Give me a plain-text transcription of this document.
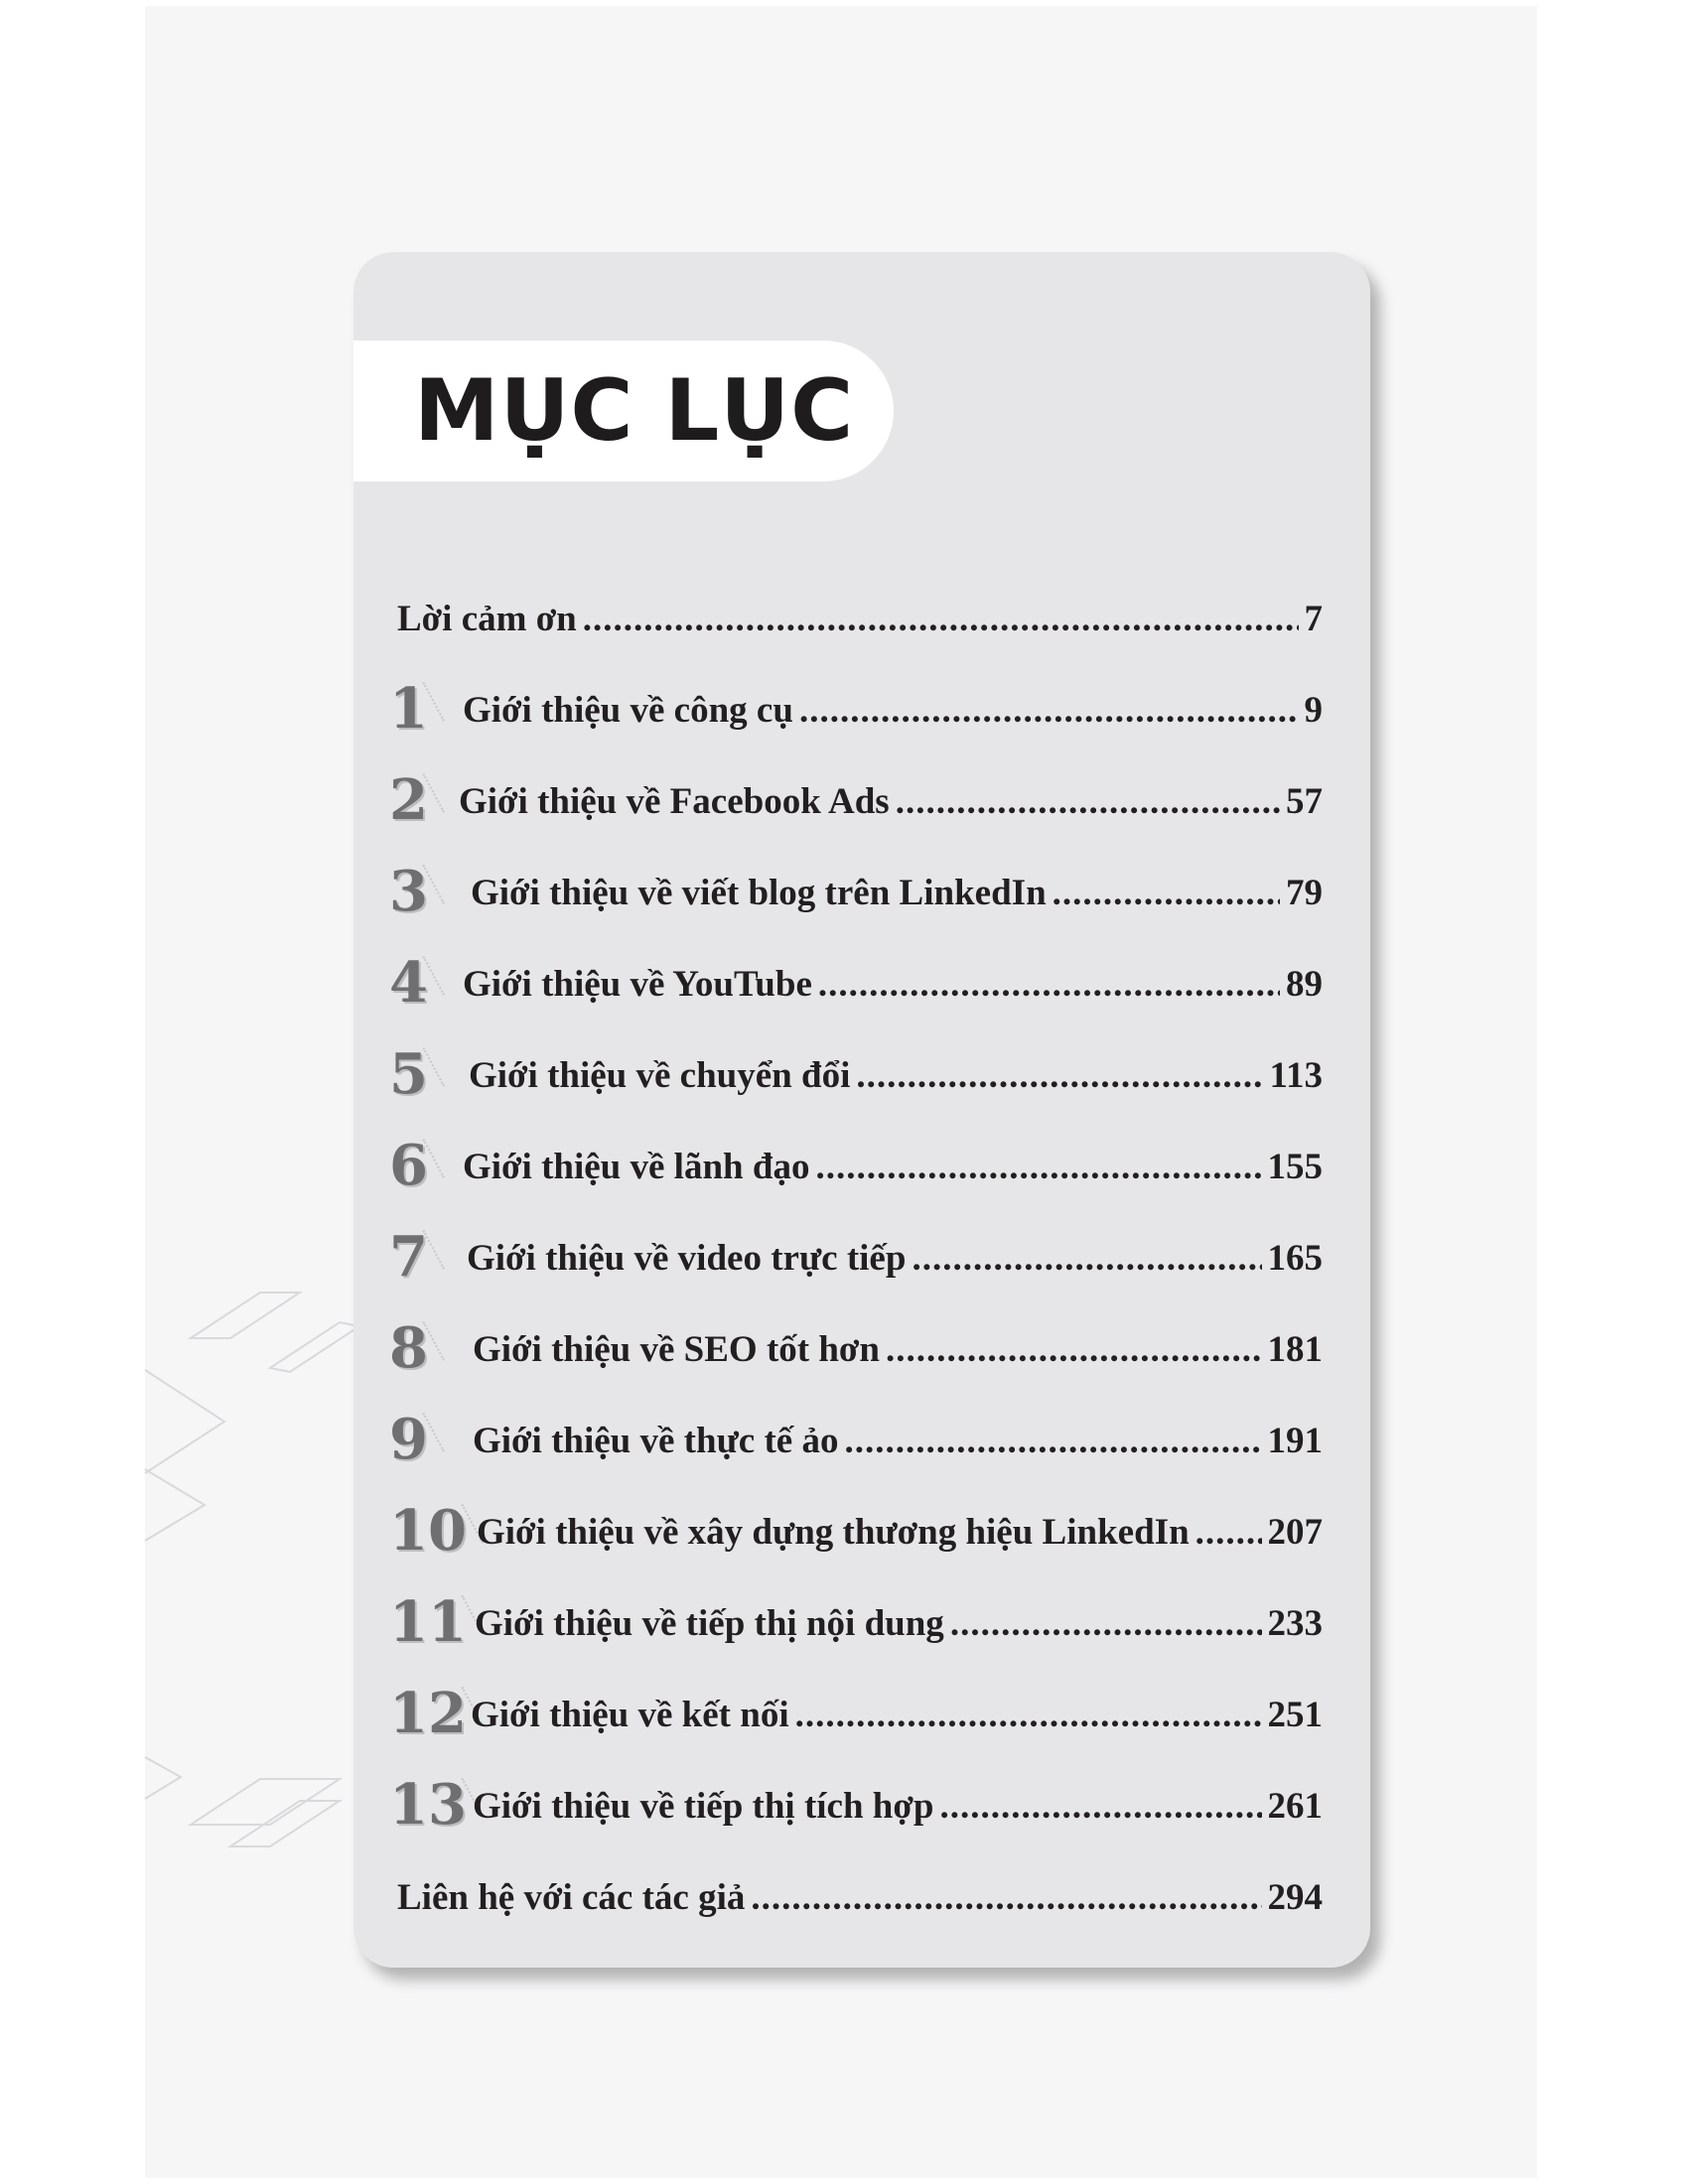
MỤC LỤC
Lời cảm ơn .....	7
1 Giới thiệu về công cụ .....	9
2 Giới thiệu về Facebook Ads .....	57
3 Giới thiệu về viết blog trên LinkedIn .....	79
4 Giới thiệu về YouTube .....	89
5 Giới thiệu về chuyển đổi .....	113
6 Giới thiệu về lãnh đạo .....	155
7 Giới thiệu về video trực tiếp .....	165
8 Giới thiệu về SEO tốt hơn .....	181
9 Giới thiệu về thực tế ảo .....	191
10 Giới thiệu về xây dựng thương hiệu LinkedIn ..... 207
11 Giới thiệu về tiếp thị nội dung .....	233
12 Giới thiệu về kết nối .....	251
13 Giới thiệu về tiếp thị tích hợp .....	261
Liên hệ với các tác giả .....	294
